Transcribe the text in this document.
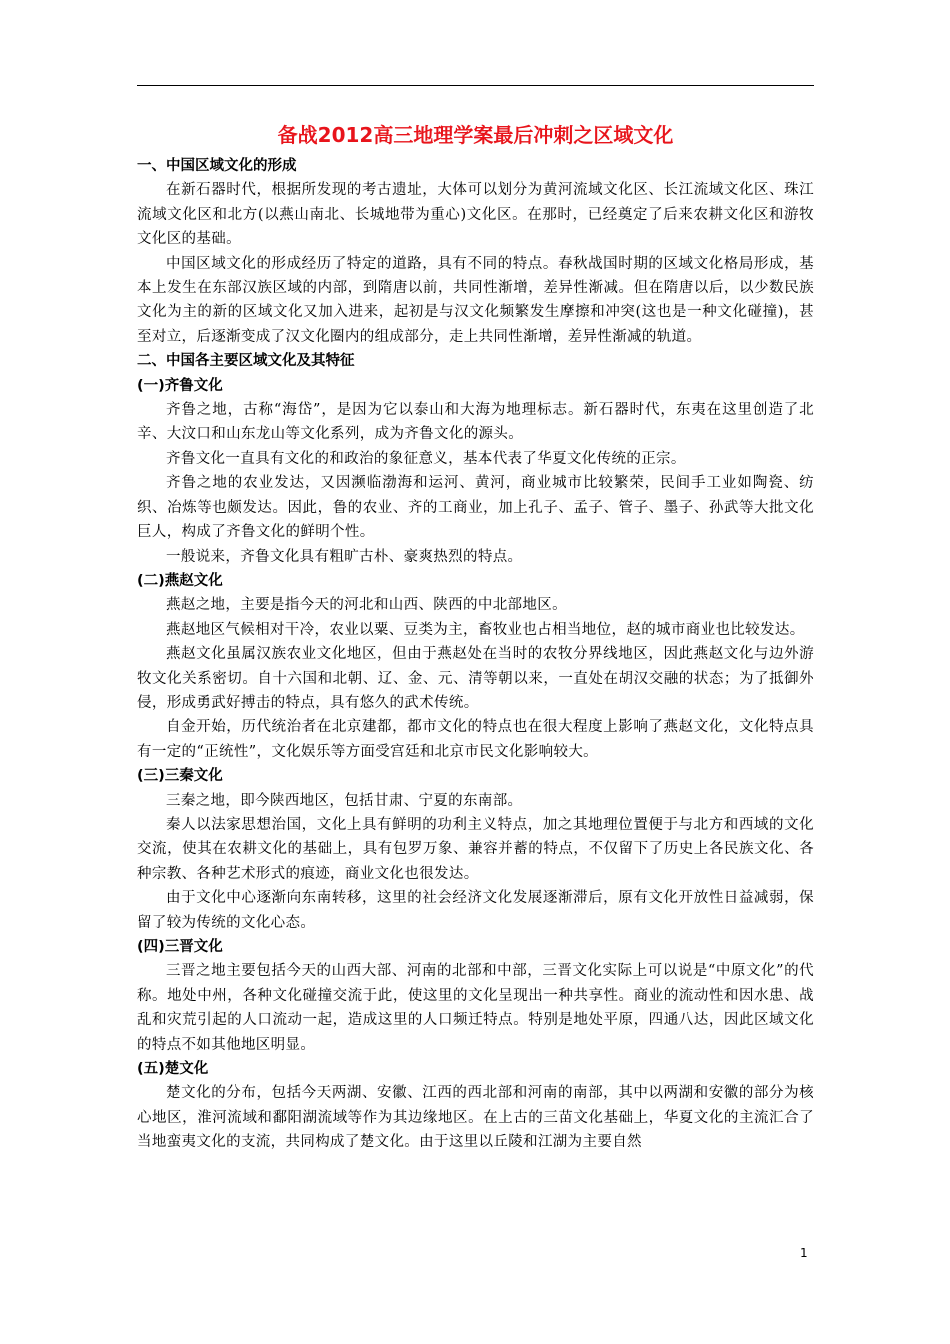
备战2012高三地理学案最后冲刺之区域文化
一、中国区域文化的形成

在新石器时代，根据所发现的考古遗址，大体可以划分为黄河流域文化区、长江流域文化区、珠江流域文化区和北方(以燕山南北、长城地带为重心)文化区。在那时，已经奠定了后来农耕文化区和游牧文化区的基础。

中国区域文化的形成经历了特定的道路，具有不同的特点。春秋战国时期的区域文化格局形成，基本上发生在东部汉族区域的内部，到隋唐以前，共同性渐增，差异性渐减。但在隋唐以后，以少数民族文化为主的新的区域文化又加入进来，起初是与汉文化频繁发生摩擦和冲突(这也是一种文化碰撞)，甚至对立，后逐渐变成了汉文化圈内的组成部分，走上共同性渐增，差异性渐减的轨道。

二、中国各主要区域文化及其特征
(一)齐鲁文化

齐鲁之地，古称“海岱”，是因为它以泰山和大海为地理标志。新石器时代，东夷在这里创造了北辛、大汶口和山东龙山等文化系列，成为齐鲁文化的源头。

齐鲁文化一直具有文化的和政治的象征意义，基本代表了华夏文化传统的正宗。

齐鲁之地的农业发达，又因濒临渤海和运河、黄河，商业城市比较繁荣，民间手工业如陶瓷、纺织、冶炼等也颇发达。因此，鲁的农业、齐的工商业，加上孔子、孟子、管子、墨子、孙武等大批文化巨人，构成了齐鲁文化的鲜明个性。

一般说来，齐鲁文化具有粗旷古朴、豪爽热烈的特点。

(二)燕赵文化

燕赵之地，主要是指今天的河北和山西、陕西的中北部地区。

燕赵地区气候相对干冷，农业以粟、豆类为主，畜牧业也占相当地位，赵的城市商业也比较发达。

燕赵文化虽属汉族农业文化地区，但由于燕赵处在当时的农牧分界线地区，因此燕赵文化与边外游牧文化关系密切。自十六国和北朝、辽、金、元、清等朝以来，一直处在胡汉交融的状态；为了抵御外侵，形成勇武好搏击的特点，具有悠久的武术传统。

自金开始，历代统治者在北京建都，都市文化的特点也在很大程度上影响了燕赵文化，文化特点具有一定的“正统性”，文化娱乐等方面受宫廷和北京市民文化影响较大。

(三)三秦文化

三秦之地，即今陕西地区，包括甘肃、宁夏的东南部。

秦人以法家思想治国，文化上具有鲜明的功利主义特点，加之其地理位置便于与北方和西域的文化交流，使其在农耕文化的基础上，具有包罗万象、兼容并蓄的特点，不仅留下了历史上各民族文化、各种宗教、各种艺术形式的痕迹，商业文化也很发达。

由于文化中心逐渐向东南转移，这里的社会经济文化发展逐渐滞后，原有文化开放性日益减弱，保留了较为传统的文化心态。

(四)三晋文化

三晋之地主要包括今天的山西大部、河南的北部和中部，三晋文化实际上可以说是“中原文化”的代称。地处中州，各种文化碰撞交流于此，使这里的文化呈现出一种共享性。商业的流动性和因水患、战乱和灾荒引起的人口流动一起，造成这里的人口频迁特点。特别是地处平原，四通八达，因此区域文化的特点不如其他地区明显。

(五)楚文化

楚文化的分布，包括今天两湖、安徽、江西的西北部和河南的南部，其中以两湖和安徽的部分为核心地区，淮河流域和鄱阳湖流域等作为其边缘地区。在上古的三苗文化基础上，华夏文化的主流汇合了当地蛮夷文化的支流，共同构成了楚文化。由于这里以丘陵和江湖为主要自然

1
